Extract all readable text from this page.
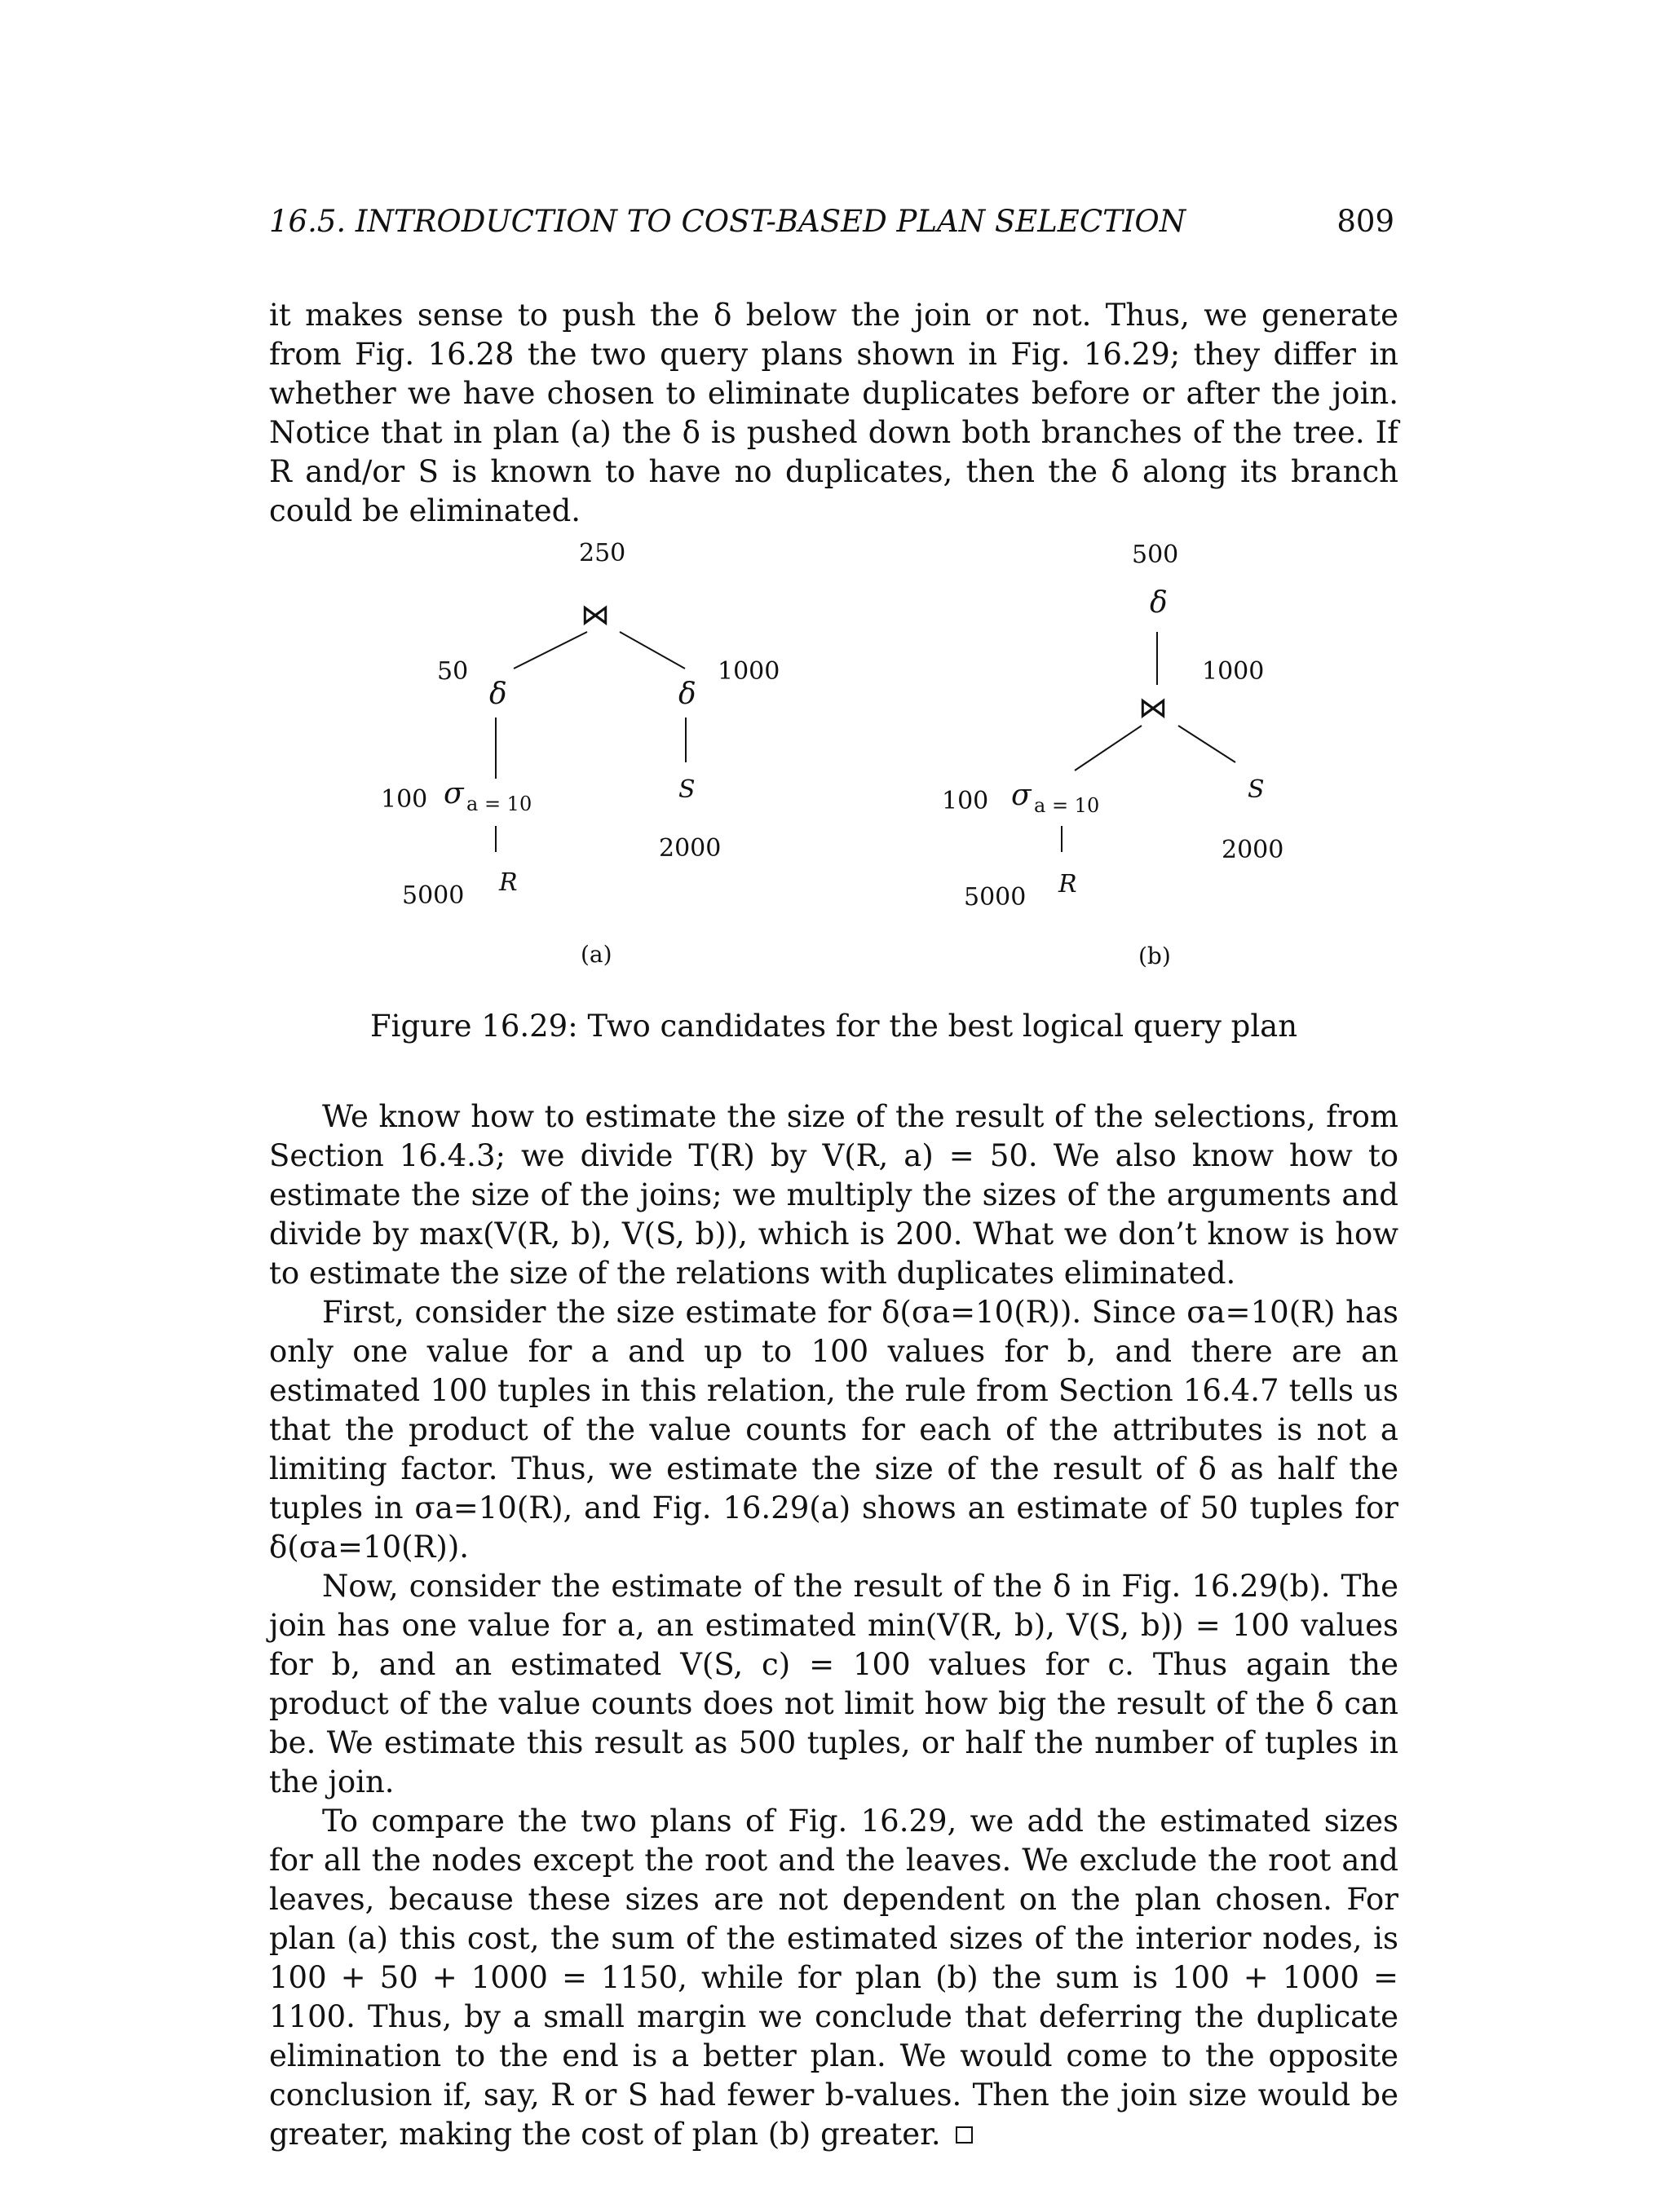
16.5. INTRODUCTION TO COST-BASED PLAN SELECTION	809

it makes sense to push the δ below the join or not. Thus, we generate from Fig. 16.28 the two query plans shown in Fig. 16.29; they differ in whether we have chosen to eliminate duplicates before or after the join. Notice that in plan (a) the δ is pushed down both branches of the tree. If R and/or S is known to have no duplicates, then the δ along its branch could be eliminated.

250
⋈
50
δ
100 σ a = 10
5000 R
1000
δ
S
2000
(a)
500
δ
1000
⋈
100 σ a = 10
5000 R
S
2000
(b)
Figure 16.29: Two candidates for the best logical query plan

We know how to estimate the size of the result of the selections, from Section 16.4.3; we divide T(R) by V(R, a) = 50. We also know how to estimate the size of the joins; we multiply the sizes of the arguments and divide by max(V(R, b), V(S, b)), which is 200. What we don’t know is how to estimate the size of the relations with duplicates eliminated.

First, consider the size estimate for δ(σa=10(R)). Since σa=10(R) has only one value for a and up to 100 values for b, and there are an estimated 100 tuples in this relation, the rule from Section 16.4.7 tells us that the product of the value counts for each of the attributes is not a limiting factor. Thus, we estimate the size of the result of δ as half the tuples in σa=10(R), and Fig. 16.29(a) shows an estimate of 50 tuples for δ(σa=10(R)).

Now, consider the estimate of the result of the δ in Fig. 16.29(b). The join has one value for a, an estimated min(V(R, b), V(S, b)) = 100 values for b, and an estimated V(S, c) = 100 values for c. Thus again the product of the value counts does not limit how big the result of the δ can be. We estimate this result as 500 tuples, or half the number of tuples in the join.

To compare the two plans of Fig. 16.29, we add the estimated sizes for all the nodes except the root and the leaves. We exclude the root and leaves, because these sizes are not dependent on the plan chosen. For plan (a) this cost, the sum of the estimated sizes of the interior nodes, is 100 + 50 + 1000 = 1150, while for plan (b) the sum is 100 + 1000 = 1100. Thus, by a small margin we conclude that deferring the duplicate elimination to the end is a better plan. We would come to the opposite conclusion if, say, R or S had fewer b-values. Then the join size would be greater, making the cost of plan (b) greater.
